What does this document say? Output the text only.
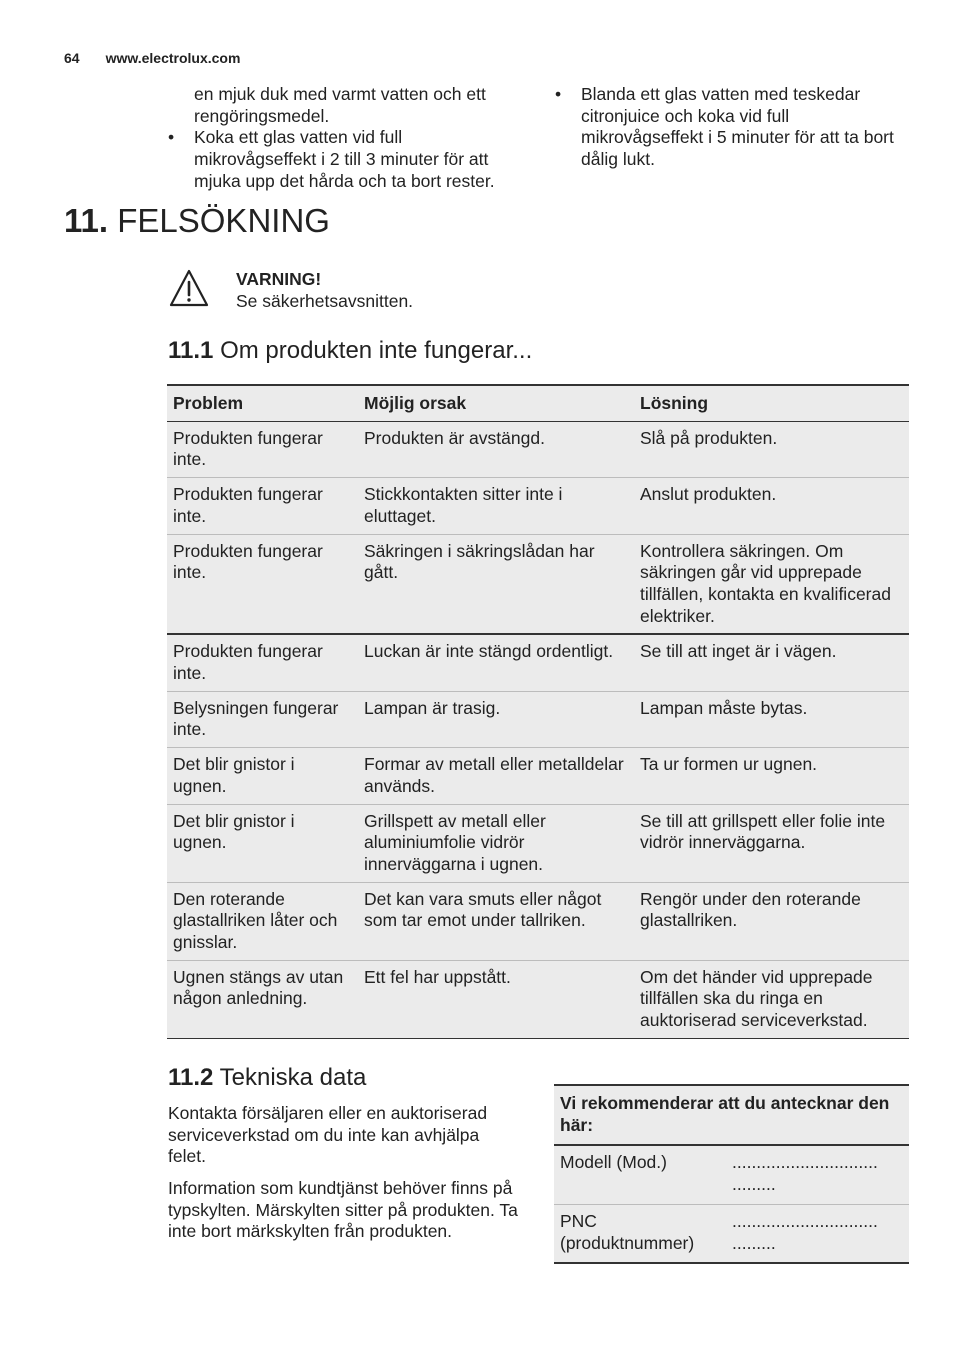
64 www.electrolux.com

en mjuk duk med varmt vatten och ett rengöringsmedel.

• Koka ett glas vatten vid full mikrovågseffekt i 2 till 3 minuter för att mjuka upp det hårda och ta bort rester.

• Blanda ett glas vatten med teskedar citronjuice och koka vid full mikrovågseffekt i 5 minuter för att ta bort dålig lukt.

11. FELSÖKNING
VARNING!
Se säkerhetsavsnitten.
11.1 Om produkten inte fungerar...
Problem	Möjlig orsak	Lösning
Produkten fungerar inte.	Produkten är avstängd.	Slå på produkten.
Produkten fungerar inte.	Stickkontakten sitter inte i eluttaget.	Anslut produkten.
Produkten fungerar inte.	Säkringen i säkringslådan har gått.	Kontrollera säkringen. Om säkringen går vid upprepade tillfällen, kontakta en kvalificerad elektriker.
Produkten fungerar inte.	Luckan är inte stängd ordentligt.	Se till att inget är i vägen.
Belysningen fungerar inte.	Lampan är trasig.	Lampan måste bytas.
Det blir gnistor i ugnen.	Formar av metall eller metalldelar används.	Ta ur formen ur ugnen.
Det blir gnistor i ugnen.	Grillspett av metall eller aluminiumfolie vidrör innerväggarna i ugnen.	Se till att grillspett eller folie inte vidrör innerväggarna.
Den roterande glastallriken låter och gnisslar.	Det kan vara smuts eller något som tar emot under tallriken.	Rengör under den roterande glastallriken.
Ugnen stängs av utan någon anledning.	Ett fel har uppstått.	Om det händer vid upprepade tillfällen ska du ringa en auktoriserad serviceverkstad.
11.2 Tekniska data
Kontakta försäljaren eller en auktoriserad serviceverkstad om du inte kan avhjälpa felet.
Information som kundtjänst behöver finns på typskylten. Märskylten sitter på produkten. Ta inte bort märkskylten från produkten.
Vi rekommenderar att du antecknar den här:	
Modell (Mod.)	..............................
.........
PNC (produktnummer)	..............................
.........
